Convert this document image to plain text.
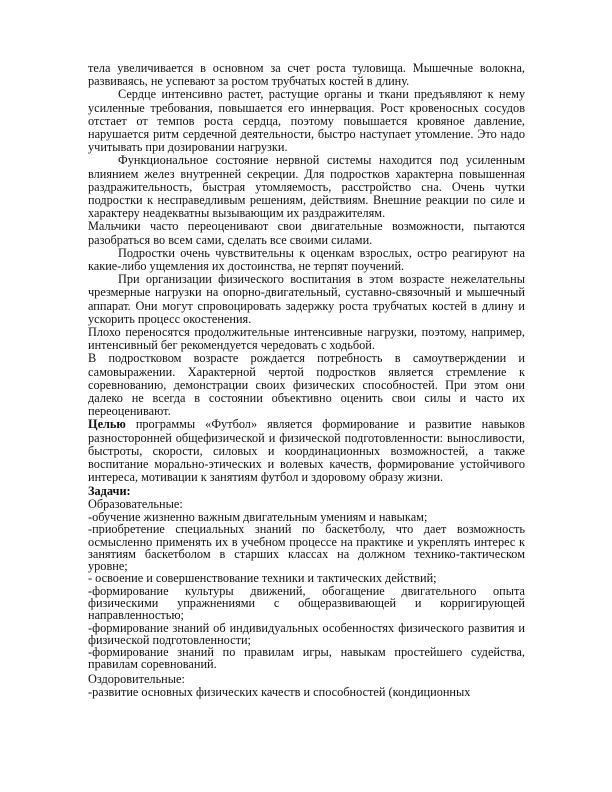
тела увеличивается в основном за счет роста туловища. Мышечные волокна, развиваясь, не успевают за ростом трубчатых костей в длину.

Сердце интенсивно растет, растущие органы и ткани предъявляют к нему усиленные требования, повышается его иннервация. Рост кровеносных сосудов отстает от темпов роста сердца, поэтому повышается кровяное давление, нарушается ритм сердечной деятельности, быстро наступает утомление. Это надо учитывать при дозировании нагрузки.

Функциональное состояние нервной системы находится под усиленным влиянием желез внутренней секреции. Для подростков характерна повышенная раздражительность, быстрая утомляемость, расстройство сна. Очень чутки подростки к несправедливым решениям, действиям. Внешние реакции по силе и характеру неадекватны вызывающим их раздражителям.

Мальчики часто переоценивают свои двигательные возможности, пытаются разобраться во всем сами, сделать все своими силами.

Подростки очень чувствительны к оценкам взрослых, остро реагируют на какие-либо ущемления их достоинства, не терпят поучений.

При организации физического воспитания в этом возрасте нежелательны чрезмерные нагрузки на опорно-двигательный, суставно-связочный и мышечный аппарат. Они могут спровоцировать задержку роста трубчатых костей в длину и ускорить процесс окостенения.

Плохо переносятся продолжительные интенсивные нагрузки, поэтому, например, интенсивный бег рекомендуется чередовать с ходьбой.

В подростковом возрасте рождается потребность в самоутверждении и самовыражении. Характерной чертой подростков является стремление к соревнованию, демонстрации своих физических способностей. При этом они далеко не всегда в состоянии объективно оценить свои силы и часто их переоценивают.

Целью программы «Футбол» является формирование и развитие навыков разносторонней общефизической и физической подготовленности: выносливости, быстроты, скорости, силовых и координационных возможностей, а также воспитание морально-этических и волевых качеств, формирование устойчивого интереса, мотивации к занятиям футбол и здоровому образу жизни.

Задачи:

Образовательные:

-обучение жизненно важным двигательным умениям и навыкам;

-приобретение специальных знаний по баскетболу, что дает возможность осмысленно применять их в учебном процессе на практике и укреплять интерес к занятиям баскетболом в старших классах на должном технико-тактическом уровне;

- освоение и совершенствование техники и тактических действий;

-формирование культуры движений, обогащение двигательного опыта физическими упражнениями с общеразвивающей и корригирующей направленностью;

-формирование знаний об индивидуальных особенностях физического развития и физической подготовленности;

-формирование знаний по правилам игры, навыкам простейшего судейства, правилам соревнований.

Оздоровительные:

-развитие основных физических качеств и способностей (кондиционных
